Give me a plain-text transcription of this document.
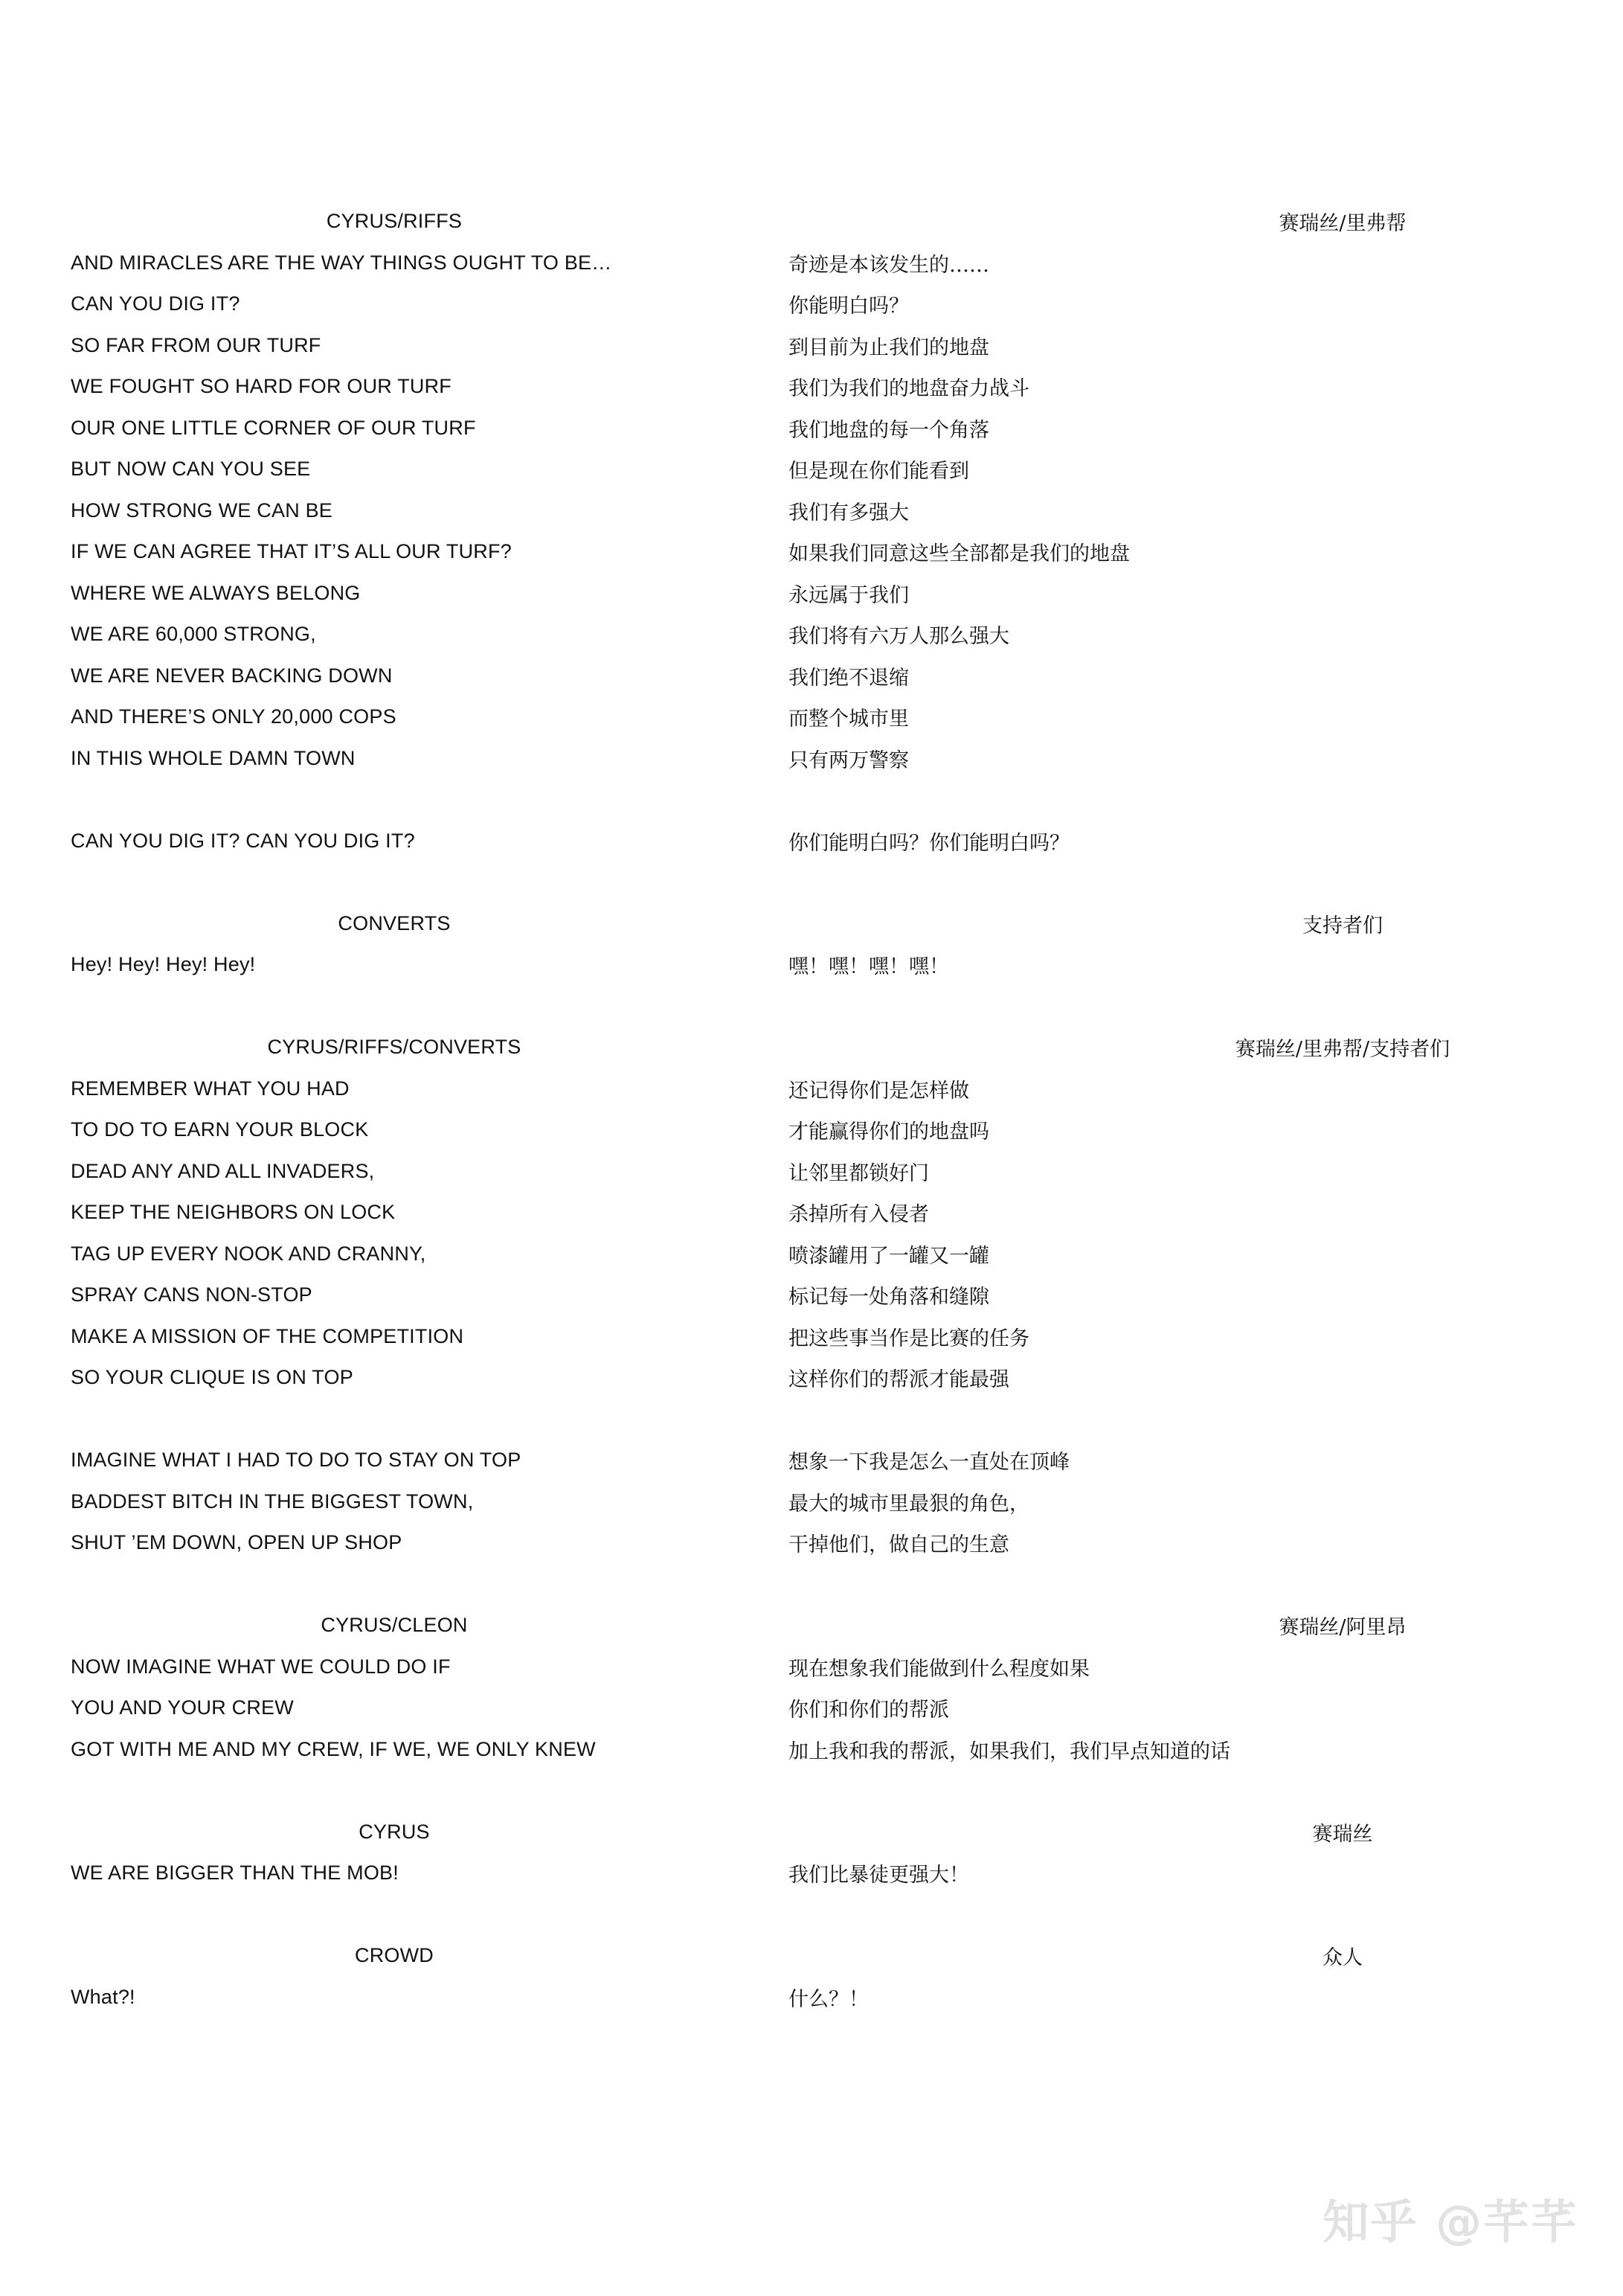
CYRUS/RIFFS	赛瑞丝/里弗帮
AND MIRACLES ARE THE WAY THINGS OUGHT TO BE…	奇迹是本该发生的……
CAN YOU DIG IT?	你能明白吗？
SO FAR FROM OUR TURF	到目前为止我们的地盘
WE FOUGHT SO HARD FOR OUR TURF	我们为我们的地盘奋力战斗
OUR ONE LITTLE CORNER OF OUR TURF	我们地盘的每一个角落
BUT NOW CAN YOU SEE	但是现在你们能看到
HOW STRONG WE CAN BE	我们有多强大
IF WE CAN AGREE THAT IT’S ALL OUR TURF?	如果我们同意这些全部都是我们的地盘
WHERE WE ALWAYS BELONG	永远属于我们
WE ARE 60,000 STRONG,	我们将有六万人那么强大
WE ARE NEVER BACKING DOWN	我们绝不退缩
AND THERE’S ONLY 20,000 COPS	而整个城市里
IN THIS WHOLE DAMN TOWN	只有两万警察
CAN YOU DIG IT? CAN YOU DIG IT?	你们能明白吗？你们能明白吗？
CONVERTS	支持者们
Hey! Hey! Hey! Hey!	嘿！嘿！嘿！嘿！
CYRUS/RIFFS/CONVERTS	赛瑞丝/里弗帮/支持者们
REMEMBER WHAT YOU HAD	还记得你们是怎样做
TO DO TO EARN YOUR BLOCK	才能赢得你们的地盘吗
DEAD ANY AND ALL INVADERS,	让邻里都锁好门
KEEP THE NEIGHBORS ON LOCK	杀掉所有入侵者
TAG UP EVERY NOOK AND CRANNY,	喷漆罐用了一罐又一罐
SPRAY CANS NON-STOP	标记每一处角落和缝隙
MAKE A MISSION OF THE COMPETITION	把这些事当作是比赛的任务
SO YOUR CLIQUE IS ON TOP	这样你们的帮派才能最强
IMAGINE WHAT I HAD TO DO TO STAY ON TOP	想象一下我是怎么一直处在顶峰
BADDEST BITCH IN THE BIGGEST TOWN,	最大的城市里最狠的角色，
SHUT ’EM DOWN, OPEN UP SHOP	干掉他们，做自己的生意
CYRUS/CLEON	赛瑞丝/阿里昂
NOW IMAGINE WHAT WE COULD DO IF	现在想象我们能做到什么程度如果
YOU AND YOUR CREW	你们和你们的帮派
GOT WITH ME AND MY CREW, IF WE, WE ONLY KNEW	加上我和我的帮派，如果我们，我们早点知道的话
CYRUS	赛瑞丝
WE ARE BIGGER THAN THE MOB!	我们比暴徒更强大！
CROWD	众人
What?!	什么？！
知乎 @芊芊
